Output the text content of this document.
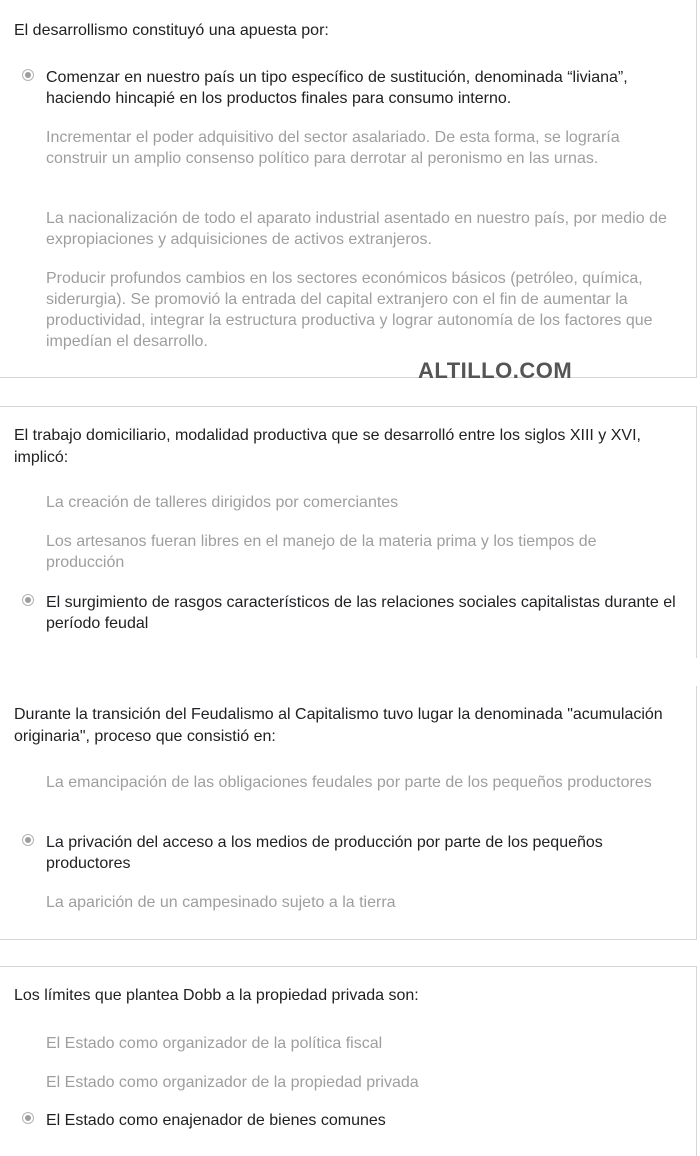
El desarrollismo constituyó una apuesta por:
Comenzar en nuestro país un tipo específico de sustitución, denominada “liviana”, haciendo hincapié en los productos finales para consumo interno.
Incrementar el poder adquisitivo del sector asalariado. De esta forma, se lograría construir un amplio consenso político para derrotar al peronismo en las urnas.
La nacionalización de todo el aparato industrial asentado en nuestro país, por medio de expropiaciones y adquisiciones de activos extranjeros.
Producir profundos cambios en los sectores económicos básicos (petróleo, química, siderurgia). Se promovió la entrada del capital extranjero con el fin de aumentar la productividad, integrar la estructura productiva y lograr autonomía de los factores que impedían el desarrollo.
ALTILLO.COM
El trabajo domiciliario, modalidad productiva que se desarrolló entre los siglos XIII y XVI, implicó:
La creación de talleres dirigidos por comerciantes
Los artesanos fueran libres en el manejo de la materia prima y los tiempos de producción
El surgimiento de rasgos característicos de las relaciones sociales capitalistas durante el período feudal
Durante la transición del Feudalismo al Capitalismo tuvo lugar la denominada "acumulación originaria", proceso que consistió en:
La emancipación de las obligaciones feudales por parte de los pequeños productores
La privación del acceso a los medios de producción por parte de los pequeños productores
La aparición de un campesinado sujeto a la tierra
Los límites que plantea Dobb a la propiedad privada son:
El Estado como organizador de la política fiscal
El Estado como organizador de la propiedad privada
El Estado como enajenador de bienes comunes
